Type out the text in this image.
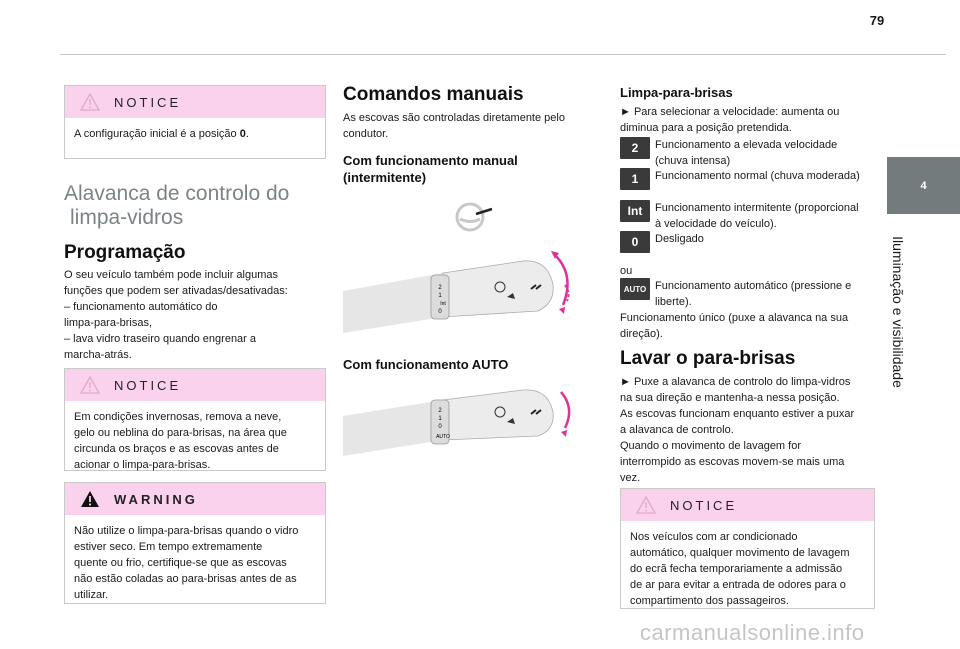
79
4
Iluminação e visibilidade
NOTICE
A configuração inicial é a posição 0.
Alavanca de controlo do
limpa-vidros
Programação
O seu veículo também pode incluir algumas
funções que podem ser ativadas/desativadas:
– funcionamento automático do
limpa-para-brisas,
– lava vidro traseiro quando engrenar a
marcha-atrás.
NOTICE
Em condições invernosas, remova a neve,
gelo ou neblina do para-brisas, na área que
circunda os braços e as escovas antes de
acionar o limpa-para-brisas.
WARNING
Não utilize o limpa-para-brisas quando o vidro
estiver seco. Em tempo extremamente
quente ou frio, certifique-se que as escovas
não estão coladas ao para-brisas antes de as
utilizar.
Comandos manuais
As escovas são controladas diretamente pelo
condutor.
Com funcionamento manual
(intermitente)
2
1
Int
0
Com funcionamento AUTO
2
1
0
AUTO
Limpa-para-brisas
► Para selecionar a velocidade: aumenta ou
diminua para a posição pretendida.
2	Funcionamento a elevada velocidade
(chuva intensa)
1	Funcionamento normal (chuva moderada)
Int	Funcionamento intermitente (proporcional
à velocidade do veículo).
0	Desligado
ou
AUTO Funcionamento automático (pressione e
liberte).
Funcionamento único (puxe a alavanca na sua
direção).
Lavar o para-brisas
► Puxe a alavanca de controlo do limpa-vidros
na sua direção e mantenha-a nessa posição.
As escovas funcionam enquanto estiver a puxar
a alavanca de controlo.
Quando o movimento de lavagem for
interrompido as escovas movem-se mais uma
vez.
NOTICE
Nos veículos com ar condicionado
automático, qualquer movimento de lavagem
do ecrã fecha temporariamente a admissão
de ar para evitar a entrada de odores para o
compartimento dos passageiros.
carmanualsonline.info
